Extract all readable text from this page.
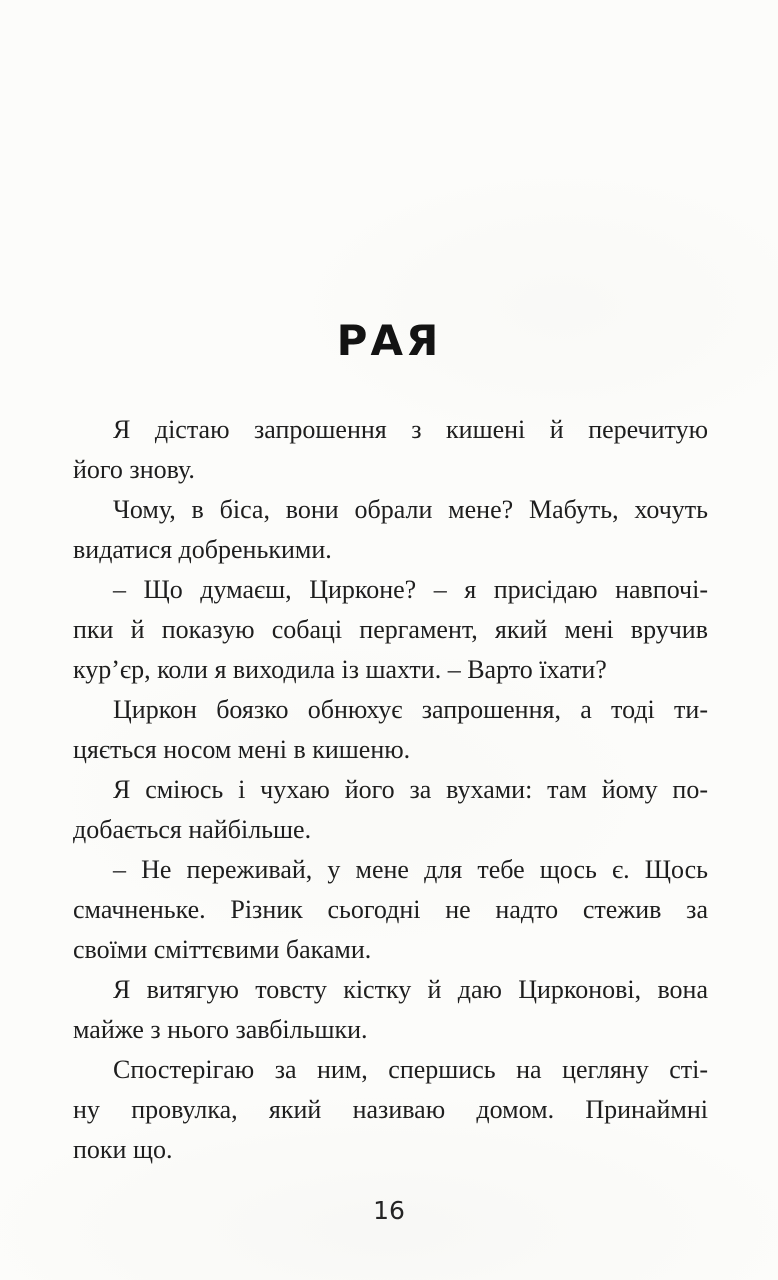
РАЯ
Я дістаю запрошення з кишені й перечитую
його знову.
Чому, в біса, вони обрали мене? Мабуть, хочуть
видатися добренькими.
– Що думаєш, Цирконе? – я присідаю навпочі-
пки й показую собаці пергамент, який мені вручив
кур’єр, коли я виходила із шахти. – Варто їхати?
Циркон боязко обнюхує запрошення, а тоді ти-
цяється носом мені в кишеню.
Я сміюсь і чухаю його за вухами: там йому по-
добається найбільше.
– Не переживай, у мене для тебе щось є. Щось
смачненьке. Різник сьогодні не надто стежив за
своїми сміттєвими баками.
Я витягую товсту кістку й даю Цирконові, вона
майже з нього завбільшки.
Спостерігаю за ним, спершись на цегляну сті-
ну провулка, який називаю домом. Принаймні
поки що.
16
